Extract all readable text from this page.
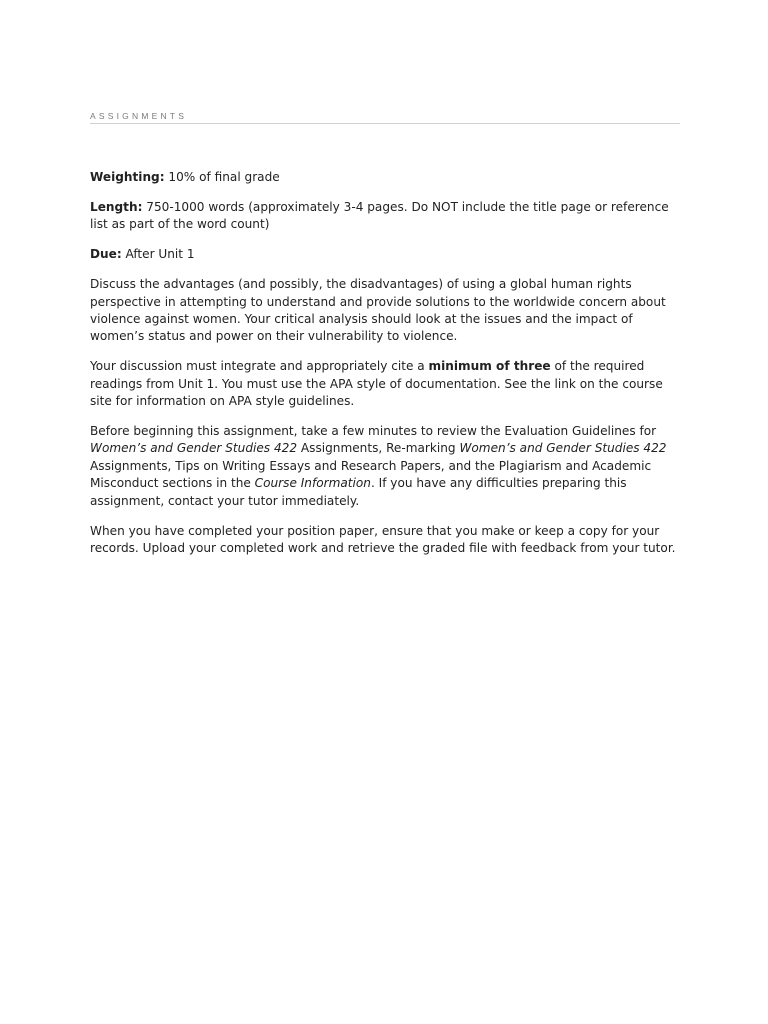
ASSIGNMENTS

Weighting: 10% of final grade

Length: 750-1000 words (approximately 3-4 pages. Do NOT include the title page or reference list as part of the word count)

Due: After Unit 1

Discuss the advantages (and possibly, the disadvantages) of using a global human rights perspective in attempting to understand and provide solutions to the worldwide concern about violence against women. Your critical analysis should look at the issues and the impact of women’s status and power on their vulnerability to violence.

Your discussion must integrate and appropriately cite a minimum of three of the required readings from Unit 1. You must use the APA style of documentation. See the link on the course site for information on APA style guidelines.

Before beginning this assignment, take a few minutes to review the Evaluation Guidelines for Women’s and Gender Studies 422 Assignments, Re-marking Women’s and Gender Studies 422 Assignments, Tips on Writing Essays and Research Papers, and the Plagiarism and Academic Misconduct sections in the Course Information. If you have any difficulties preparing this assignment, contact your tutor immediately.

When you have completed your position paper, ensure that you make or keep a copy for your records. Upload your completed work and retrieve the graded file with feedback from your tutor.
